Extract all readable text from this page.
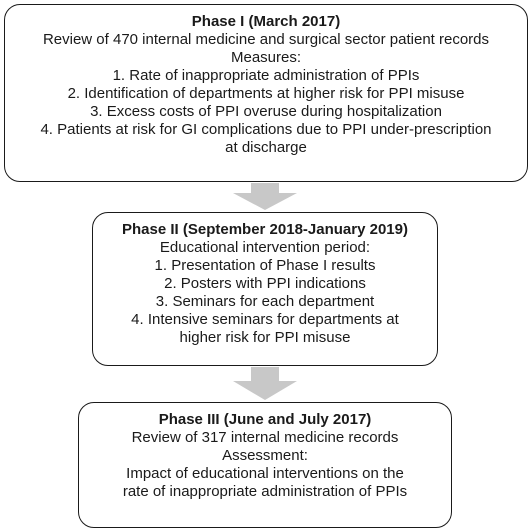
Phase I (March 2017)
Review of 470 internal medicine and surgical sector patient records
Measures:
1. Rate of inappropriate administration of PPIs
2. Identification of departments at higher risk for PPI misuse
3. Excess costs of PPI overuse during hospitalization
4. Patients at risk for GI complications due to PPI under-prescription
at discharge
Phase II (September 2018-January 2019)
Educational intervention period:
1. Presentation of Phase I results
2. Posters with PPI indications
3. Seminars for each department
4. Intensive seminars for departments at
higher risk for PPI misuse
Phase III (June and July 2017)
Review of 317 internal medicine records
Assessment:
Impact of educational interventions on the
rate of inappropriate administration of PPIs
